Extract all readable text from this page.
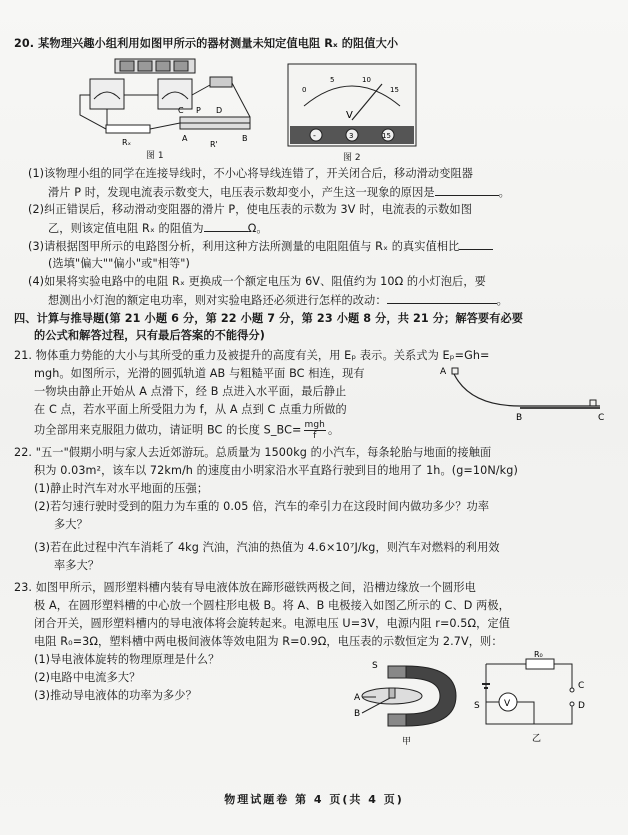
20. 某物理兴趣小组利用如图甲所示的器材测量未知定值电阻 Rₓ 的阻值大小
Rₓ
C P D
A	B
R'
图 1
V
0
5	10
15
-	3	15
图 2
(1)该物理小组的同学在连接导线时，不小心将导线连错了，开关闭合后，移动滑动变阻器
滑片 P 时，发现电流表示数变大，电压表示数却变小，产生这一现象的原因是	。
(2)纠正错误后，移动滑动变阻器的滑片 P，使电压表的示数为 3V 时，电流表的示数如图
乙，则该定值电阻 Rₓ 的阻值为	Ω。
(3)请根据图甲所示的电路图分析，利用这种方法所测量的电阻阻值与 Rₓ 的真实值相比
(选填"偏大""偏小"或"相等")
(4)如果将实验电路中的电阻 Rₓ 更换成一个额定电压为 6V、阻值约为 10Ω 的小灯泡后，要
想测出小灯泡的额定电功率，则对实验电路还必须进行怎样的改动：	。
四、计算与推导题(第 21 小题 6 分，第 22 小题 7 分，第 23 小题 8 分，共 21 分；解答要有必要
的公式和解答过程，只有最后答案的不能得分)
21. 物体重力势能的大小与其所受的重力及被提升的高度有关，用 Eₚ 表示。关系式为 Eₚ=Gh=
mgh。如图所示，光滑的圆弧轨道 AB 与粗糙平面 BC 相连，现有
一物块由静止开始从 A 点滑下，经 B 点进入水平面，最后静止
在 C 点，若水平面上所受阻力为 f，从 A 点到 C 点重力所做的
功全部用来克服阻力做功，请证明 BC 的长度 S_BC= mgh
f	。
A
B	C
22. "五一"假期小明与家人去近郊游玩。总质量为 1500kg 的小汽车，每条轮胎与地面的接触面
积为 0.03m²，该车以 72km/h 的速度由小明家沿水平直路行驶到目的地用了 1h。(g=10N/kg)
(1)静止时汽车对水平地面的压强；
(2)若匀速行驶时受到的阻力为车重的 0.05 倍，汽车的牵引力在这段时间内做功多少？功率
多大？
(3)若在此过程中汽车消耗了 4kg 汽油，汽油的热值为 4.6×10⁷J/kg，则汽车对燃料的利用效
率多大？
23. 如图甲所示，圆形塑料槽内装有导电液体放在蹄形磁铁两极之间，沿槽边缘放一个圆形电
极 A，在圆形塑料槽的中心放一个圆柱形电极 B。将 A、B 电极接入如图乙所示的 C、D 两极，
闭合开关，圆形塑料槽内的导电液体将会旋转起来。电源电压 U=3V，电源内阻 r=0.5Ω，定值
电阻 R₀=3Ω，塑料槽中两电极间液体等效电阻为 R=0.9Ω，电压表的示数恒定为 2.7V，则：
(1)导电液体旋转的物理原理是什么？
(2)电路中电流多大？
(3)推动导电液体的功率为多少？
S
A
B
甲
R₀
C
D
V
S
乙
物理试题卷 第 4 页(共 4 页)
